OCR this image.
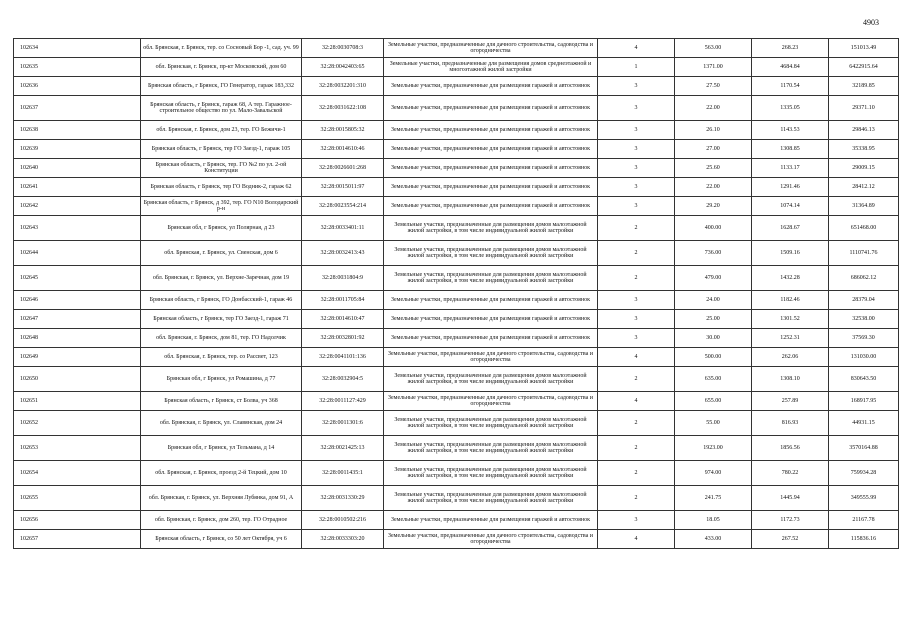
4903
102634	обл. Брянская, г. Брянск, тер. сo Сосновый Бор -1, сад. уч. 99	32:28:0030708:3	Земельные участки, предназначенные для дачного строительства, садоводства и огородничества	4	563.00	268.23	151013.49
102635	обл. Брянская, г. Брянск, пр-кт Московский, дом 60	32:28:0042403:65	Земельные участки, предназначенные для размещения домов среднеэтажной и многоэтажной жилой застройки	1	1371.00	4684.84	6422915.64
102636	Брянская область, г Брянск, ГО Генератор, гараж 183,332	32:28:0032201:310	Земельные участки, предназначенные для размещения гаражей и автостоянок	3	27.50	1170.54	32189.85
102637	Брянская область, г Брянск, гараж 68, А тер. Гаражное-строительное общество по ул. Мало-Завальской	32:28:0031622:108	Земельные участки, предназначенные для размещения гаражей и автостоянок	3	22.00	1335.05	29371.10
102638	обл. Брянская, г. Брянск, дом 23, тер. ГО Бежичи-1	32:28:0015805:32	Земельные участки, предназначенные для размещения гаражей и автостоянок	3	26.10	1143.53	29846.13
102639	Брянская область, г Брянск, тер ГО Заезд-1, гараж 105	32:28:0014610:46	Земельные участки, предназначенные для размещения гаражей и автостоянок	3	27.00	1308.85	35338.95
102640	Брянская область, г Брянск, тер. ГО №2 по ул. 2-ой Конституции	32:28:0026601:268	Земельные участки, предназначенные для размещения гаражей и автостоянок	3	25.60	1133.17	29009.15
102641	Брянская область, г Брянск, тер ГО Водник-2, гараж 62	32:28:0015011:97	Земельные участки, предназначенные для размещения гаражей и автостоянок	3	22.00	1291.46	28412.12
102642	Брянская область, г Брянск, д 392, тер. ГО N10 Володарский р-н	32:28:0023554:214	Земельные участки, предназначенные для размещения гаражей и автостоянок	3	29.20	1074.14	31364.89
102643	Брянская обл, г Брянск, ул Полярная, д 23	32:28:0033401:11	Земельные участки, предназначенные для размещения домов малоэтажной жилой застройки, в том числе индивидуальной жилой застройки	2	400.00	1628.67	651468.00
102644	обл. Брянская, г. Брянск, ул. Свенская, дом 6	32:28:0032413:43	Земельные участки, предназначенные для размещения домов малоэтажной жилой застройки, в том числе индивидуальной жилой застройки	2	736.00	1509.16	1110741.76
102645	обл. Брянская, г. Брянск, ул. Верхне-Заречная, дом 19	32:28:0031804:9	Земельные участки, предназначенные для размещения домов малоэтажной жилой застройки, в том числе индивидуальной жилой застройки	2	479.00	1432.28	686062.12
102646	Брянская область, г Брянск, ГО Донбасский-1, гараж 46	32:28:0011705:84	Земельные участки, предназначенные для размещения гаражей и автостоянок	3	24.00	1182.46	28379.04
102647	Брянская область, г Брянск, тер ГО Заезд-1, гараж 71	32:28:0014610:47	Земельные участки, предназначенные для размещения гаражей и автостоянок	3	25.00	1301.52	32538.00
102648	обл. Брянская, г. Брянск, дом 81, тер. ГО Надолчик	32:28:0032801:92	Земельные участки, предназначенные для размещения гаражей и автостоянок	3	30.00	1252.31	37569.30
102649	обл. Брянская, г. Брянск, тер. со Рассвет, 123	32:28:0041101:136	Земельные участки, предназначенные для дачного строительства, садоводства и огородничества	4	500.00	262.06	131030.00
102650	Брянская обл, г Брянск, ул Ромашина, д 77	32:28:0032904:5	Земельные участки, предназначенные для размещения домов малоэтажной жилой застройки, в том числе индивидуальной жилой застройки	2	635.00	1308.10	830643.50
102651	Брянская область, г Брянск, ст Болва, уч 368	32:28:0011127:429	Земельные участки, предназначенные для дачного строительства, садоводства и огородничества	4	655.00	257.89	168917.95
102652	обл. Брянская, г. Брянск, ул. Славянская, дом 24	32:28:0011301:6	Земельные участки, предназначенные для размещения домов малоэтажной жилой застройки, в том числе индивидуальной жилой застройки	2	55.00	816.93	44931.15
102653	Брянская обл, г Брянск, ул Тельмана, д 14	32:28:0021425:13	Земельные участки, предназначенные для размещения домов малоэтажной жилой застройки, в том числе индивидуальной жилой застройки	2	1923.00	1856.56	3570164.88
102654	обл. Брянская, г. Брянск, проезд 2-й Тецкий, дом 10	32:28:0011435:1	Земельные участки, предназначенные для размещения домов малоэтажной жилой застройки, в том числе индивидуальной жилой застройки	2	974.00	780.22	759934.28
102655	обл. Брянская, г. Брянск, ул. Верхняя Лубянка, дом 91, А	32:28:0031330:29	Земельные участки, предназначенные для размещения домов малоэтажной жилой застройки, в том числе индивидуальной жилой застройки	2	241.75	1445.94	349555.99
102656	обл. Брянская, г. Брянск, дом 260, тер. ГО Отрадное	32:28:0010502:216	Земельные участки, предназначенные для размещения гаражей и автостоянок	3	18.05	1172.73	21167.78
102657	Брянская область, г Брянск, со 50 лет Октября, уч 6	32:28:0033303:20	Земельные участки, предназначенные для дачного строительства, садоводства и огородничества	4	433.00	267.52	115836.16
